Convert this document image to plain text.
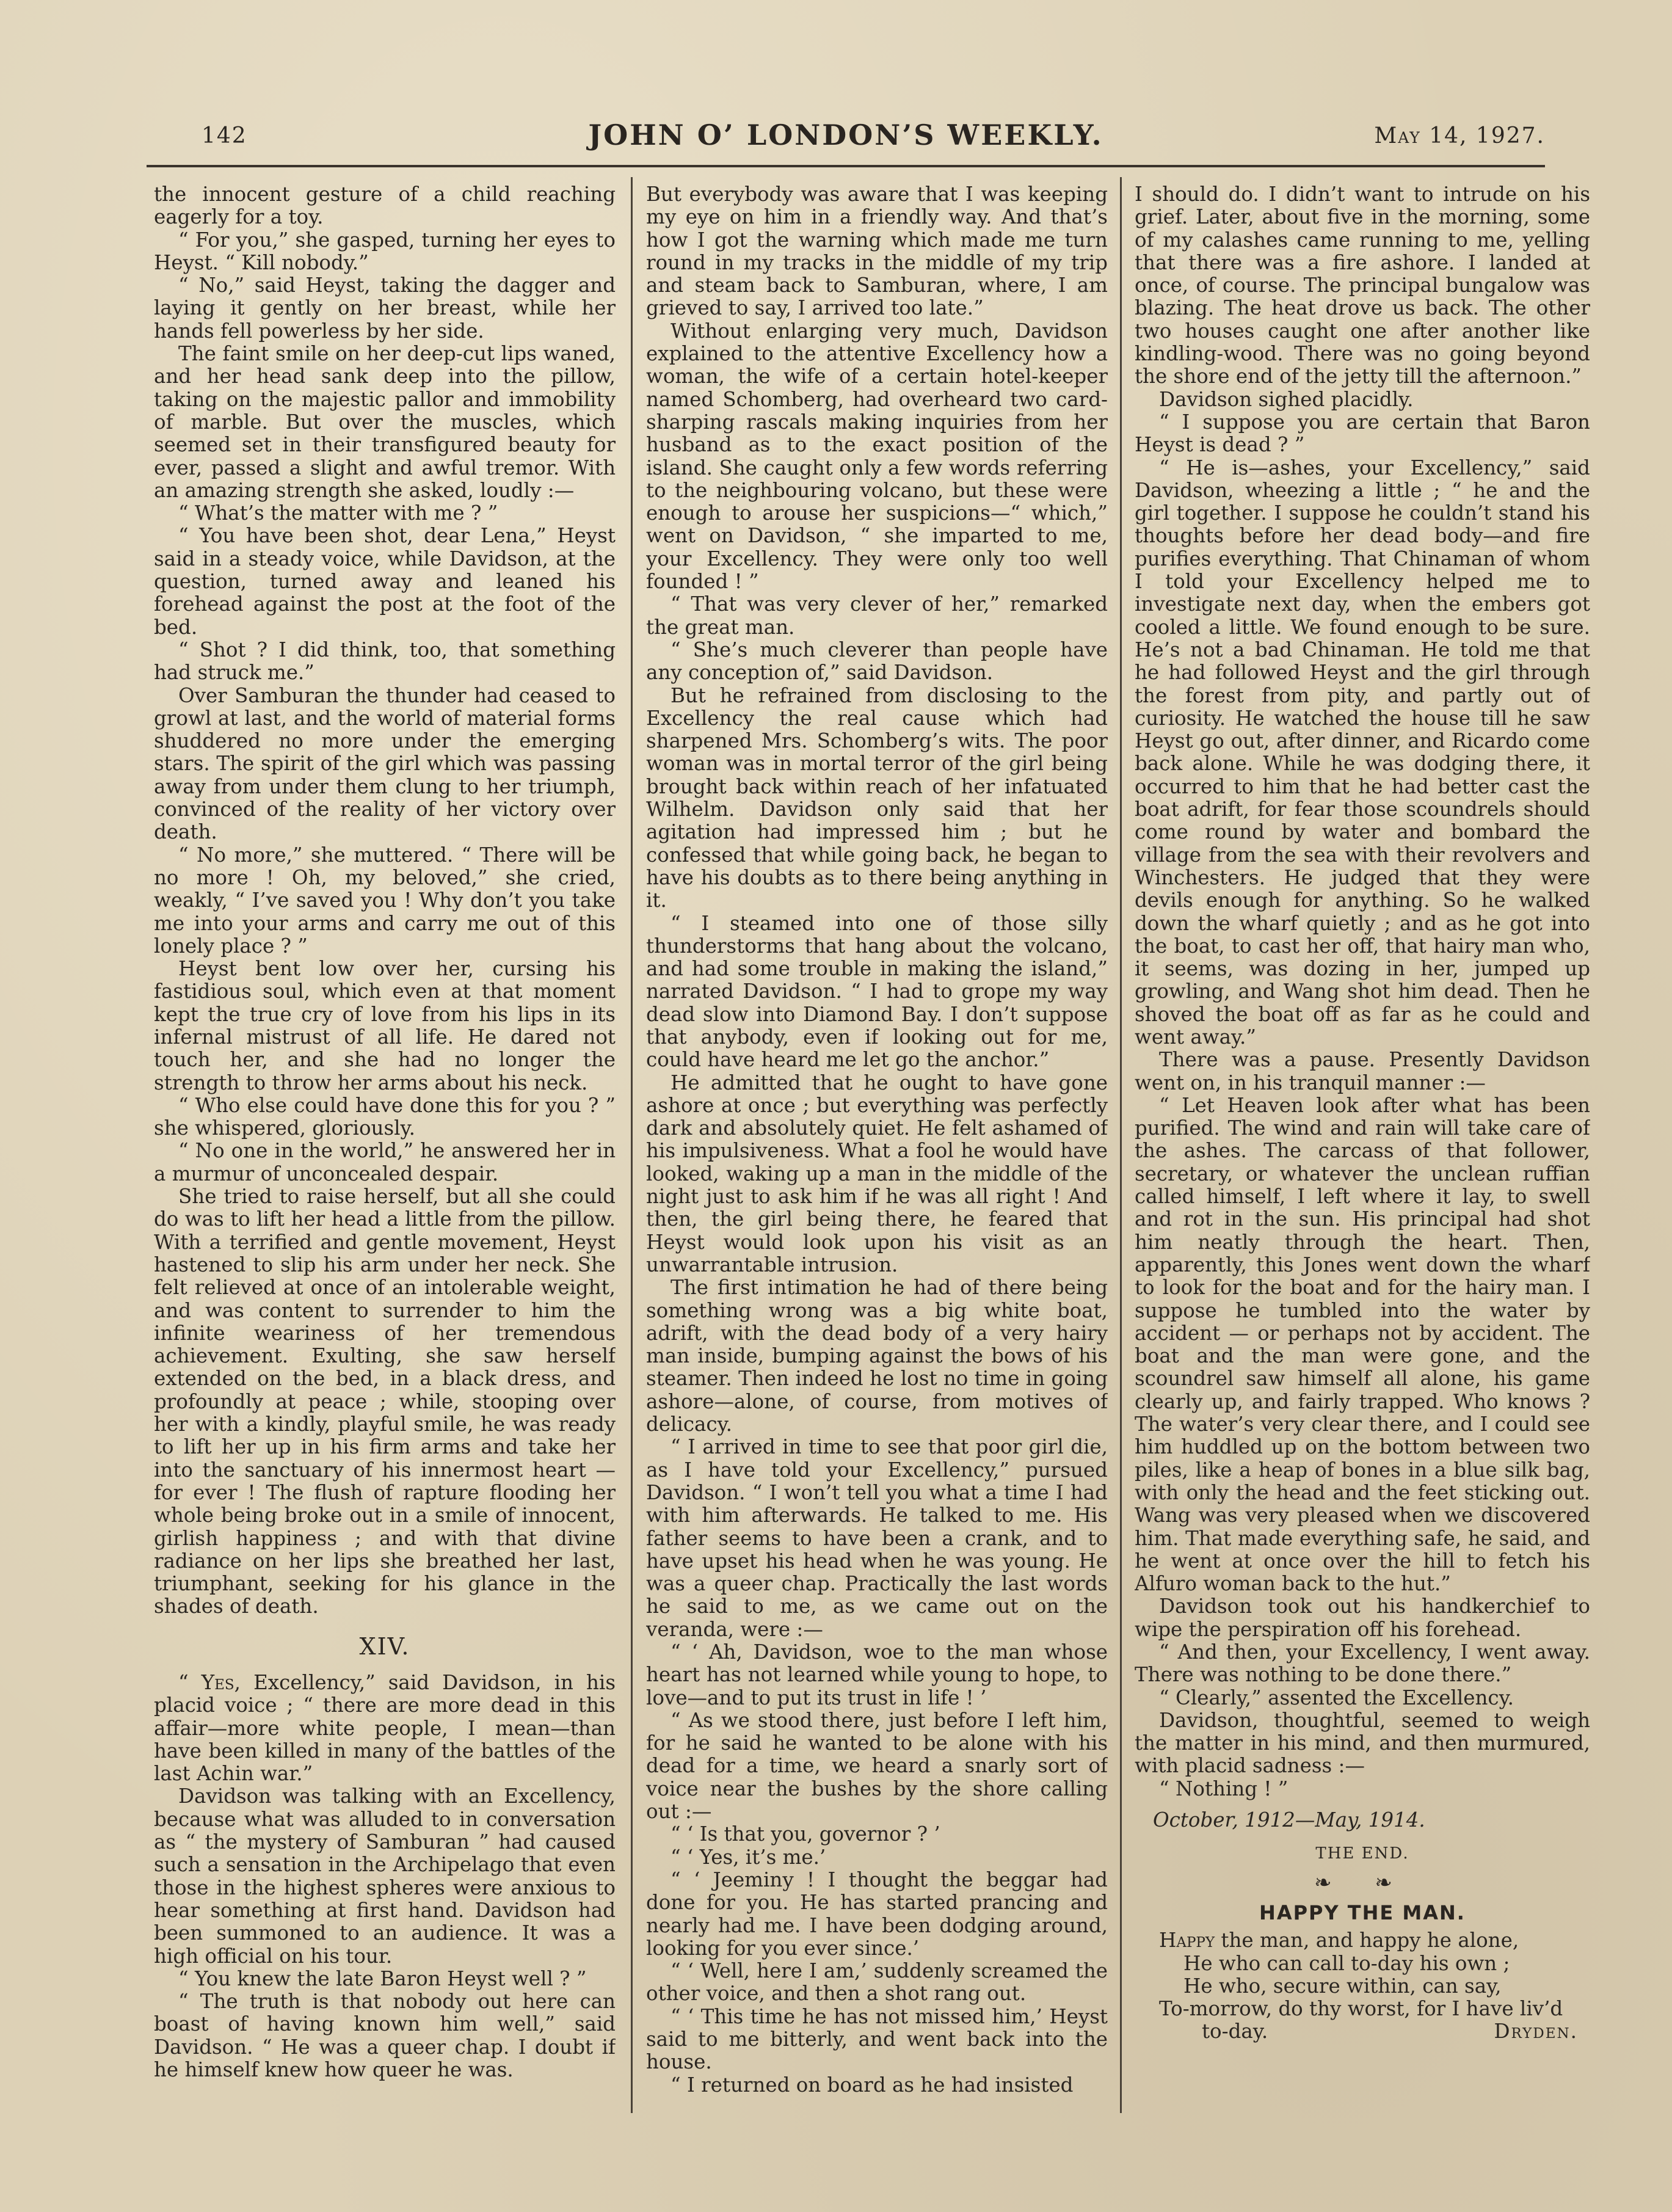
142	JOHN O’ LONDON’S WEEKLY.	May 14, 1927.

the innocent gesture of a child reaching eagerly for a toy.

“ For you,” she gasped, turning her eyes to Heyst. “ Kill nobody.”

“ No,” said Heyst, taking the dagger and laying it gently on her breast, while her hands fell powerless by her side.

The faint smile on her deep-cut lips waned, and her head sank deep into the pillow, taking on the majestic pallor and immobility of marble. But over the muscles, which seemed set in their transfigured beauty for ever, passed a slight and awful tremor. With an amazing strength she asked, loudly :—

“ What’s the matter with me ? ”

“ You have been shot, dear Lena,” Heyst said in a steady voice, while Davidson, at the question, turned away and leaned his forehead against the post at the foot of the bed.

“ Shot ? I did think, too, that something had struck me.”

Over Samburan the thunder had ceased to growl at last, and the world of material forms shuddered no more under the emerging stars. The spirit of the girl which was passing away from under them clung to her triumph, convinced of the reality of her victory over death.

“ No more,” she muttered. “ There will be no more ! Oh, my beloved,” she cried, weakly, “ I’ve saved you ! Why don’t you take me into your arms and carry me out of this lonely place ? ”

Heyst bent low over her, cursing his fastidious soul, which even at that moment kept the true cry of love from his lips in its infernal mistrust of all life. He dared not touch her, and she had no longer the strength to throw her arms about his neck.

“ Who else could have done this for you ? ” she whispered, gloriously.

“ No one in the world,” he answered her in a murmur of unconcealed despair.

She tried to raise herself, but all she could do was to lift her head a little from the pillow. With a terrified and gentle movement, Heyst hastened to slip his arm under her neck. She felt relieved at once of an intolerable weight, and was content to surrender to him the infinite weariness of her tremendous achievement. Exulting, she saw herself extended on the bed, in a black dress, and profoundly at peace ; while, stooping over her with a kindly, playful smile, he was ready to lift her up in his firm arms and take her into the sanctuary of his innermost heart —for ever ! The flush of rapture flooding her whole being broke out in a smile of innocent, girlish happiness ; and with that divine radiance on her lips she breathed her last, triumphant, seeking for his glance in the shades of death.

XIV.

“ Yes, Excellency,” said Davidson, in his placid voice ; “ there are more dead in this affair—more white people, I mean—than have been killed in many of the battles of the last Achin war.”

Davidson was talking with an Excellency, because what was alluded to in conversation as “ the mystery of Samburan ” had caused such a sensation in the Archipelago that even those in the highest spheres were anxious to hear something at first hand. Davidson had been summoned to an audience. It was a high official on his tour.

“ You knew the late Baron Heyst well ? ”

“ The truth is that nobody out here can boast of having known him well,” said Davidson. “ He was a queer chap. I doubt if he himself knew how queer he was.

But everybody was aware that I was keeping my eye on him in a friendly way. And that’s how I got the warning which made me turn round in my tracks in the middle of my trip and steam back to Samburan, where, I am grieved to say, I arrived too late.”

Without enlarging very much, Davidson explained to the attentive Excellency how a woman, the wife of a certain hotel-keeper named Schomberg, had overheard two card-sharping rascals making inquiries from her husband as to the exact position of the island. She caught only a few words referring to the neighbouring volcano, but these were enough to arouse her suspicions—“ which,” went on Davidson, “ she imparted to me, your Excellency. They were only too well founded ! ”

“ That was very clever of her,” remarked the great man.

“ She’s much cleverer than people have any conception of,” said Davidson.

But he refrained from disclosing to the Excellency the real cause which had sharpened Mrs. Schomberg’s wits. The poor woman was in mortal terror of the girl being brought back within reach of her infatuated Wilhelm. Davidson only said that her agitation had impressed him ; but he confessed that while going back, he began to have his doubts as to there being anything in it.

“ I steamed into one of those silly thunderstorms that hang about the volcano, and had some trouble in making the island,” narrated Davidson. “ I had to grope my way dead slow into Diamond Bay. I don’t suppose that anybody, even if looking out for me, could have heard me let go the anchor.”

He admitted that he ought to have gone ashore at once ; but everything was perfectly dark and absolutely quiet. He felt ashamed of his impulsiveness. What a fool he would have looked, waking up a man in the middle of the night just to ask him if he was all right ! And then, the girl being there, he feared that Heyst would look upon his visit as an unwarrantable intrusion.

The first intimation he had of there being something wrong was a big white boat, adrift, with the dead body of a very hairy man inside, bumping against the bows of his steamer. Then indeed he lost no time in going ashore—alone, of course, from motives of delicacy.

“ I arrived in time to see that poor girl die, as I have told your Excellency,” pursued Davidson. “ I won’t tell you what a time I had with him afterwards. He talked to me. His father seems to have been a crank, and to have upset his head when he was young. He was a queer chap. Practically the last words he said to me, as we came out on the veranda, were :—

“ ‘ Ah, Davidson, woe to the man whose heart has not learned while young to hope, to love—and to put its trust in life ! ’

“ As we stood there, just before I left him, for he said he wanted to be alone with his dead for a time, we heard a snarly sort of voice near the bushes by the shore calling out :—

“ ‘ Is that you, governor ? ’

“ ‘ Yes, it’s me.’

“ ‘ Jeeminy ! I thought the beggar had done for you. He has started prancing and nearly had me. I have been dodging around, looking for you ever since.’

“ ‘ Well, here I am,’ suddenly screamed the other voice, and then a shot rang out.

“ ‘ This time he has not missed him,’ Heyst said to me bitterly, and went back into the house.

“ I returned on board as he had insisted

I should do. I didn’t want to intrude on his grief. Later, about five in the morning, some of my calashes came running to me, yelling that there was a fire ashore. I landed at once, of course. The principal bungalow was blazing. The heat drove us back. The other two houses caught one after another like kindling-wood. There was no going beyond the shore end of the jetty till the afternoon.”

Davidson sighed placidly.

“ I suppose you are certain that Baron Heyst is dead ? ”

“ He is—ashes, your Excellency,” said Davidson, wheezing a little ; “ he and the girl together. I suppose he couldn’t stand his thoughts before her dead body—and fire purifies everything. That Chinaman of whom I told your Excellency helped me to investigate next day, when the embers got cooled a little. We found enough to be sure. He’s not a bad Chinaman. He told me that he had followed Heyst and the girl through the forest from pity, and partly out of curiosity. He watched the house till he saw Heyst go out, after dinner, and Ricardo come back alone. While he was dodging there, it occurred to him that he had better cast the boat adrift, for fear those scoundrels should come round by water and bombard the village from the sea with their revolvers and Winchesters. He judged that they were devils enough for anything. So he walked down the wharf quietly ; and as he got into the boat, to cast her off, that hairy man who, it seems, was dozing in her, jumped up growling, and Wang shot him dead. Then he shoved the boat off as far as he could and went away.”

There was a pause. Presently Davidson went on, in his tranquil manner :—

“ Let Heaven look after what has been purified. The wind and rain will take care of the ashes. The carcass of that follower, secretary, or whatever the unclean ruffian called himself, I left where it lay, to swell and rot in the sun. His principal had shot him neatly through the heart. Then, apparently, this Jones went down the wharf to look for the boat and for the hairy man. I suppose he tumbled into the water by accident — or perhaps not by accident. The boat and the man were gone, and the scoundrel saw himself all alone, his game clearly up, and fairly trapped. Who knows ? The water’s very clear there, and I could see him huddled up on the bottom between two piles, like a heap of bones in a blue silk bag, with only the head and the feet sticking out. Wang was very pleased when we discovered him. That made everything safe, he said, and he went at once over the hill to fetch his Alfuro woman back to the hut.”

Davidson took out his handkerchief to wipe the perspiration off his forehead.

“ And then, your Excellency, I went away. There was nothing to be done there.”

“ Clearly,” assented the Excellency.

Davidson, thoughtful, seemed to weigh the matter in his mind, and then murmured, with placid sadness :—

“ Nothing ! ”

October, 1912—May, 1914.

THE END.

❧ ❧
HAPPY THE MAN.

Happy the man, and happy he alone,

He who can call to-day his own ;

He who, secure within, can say,

To-morrow, do thy worst, for I have liv’d

to-day.	Dryden.
